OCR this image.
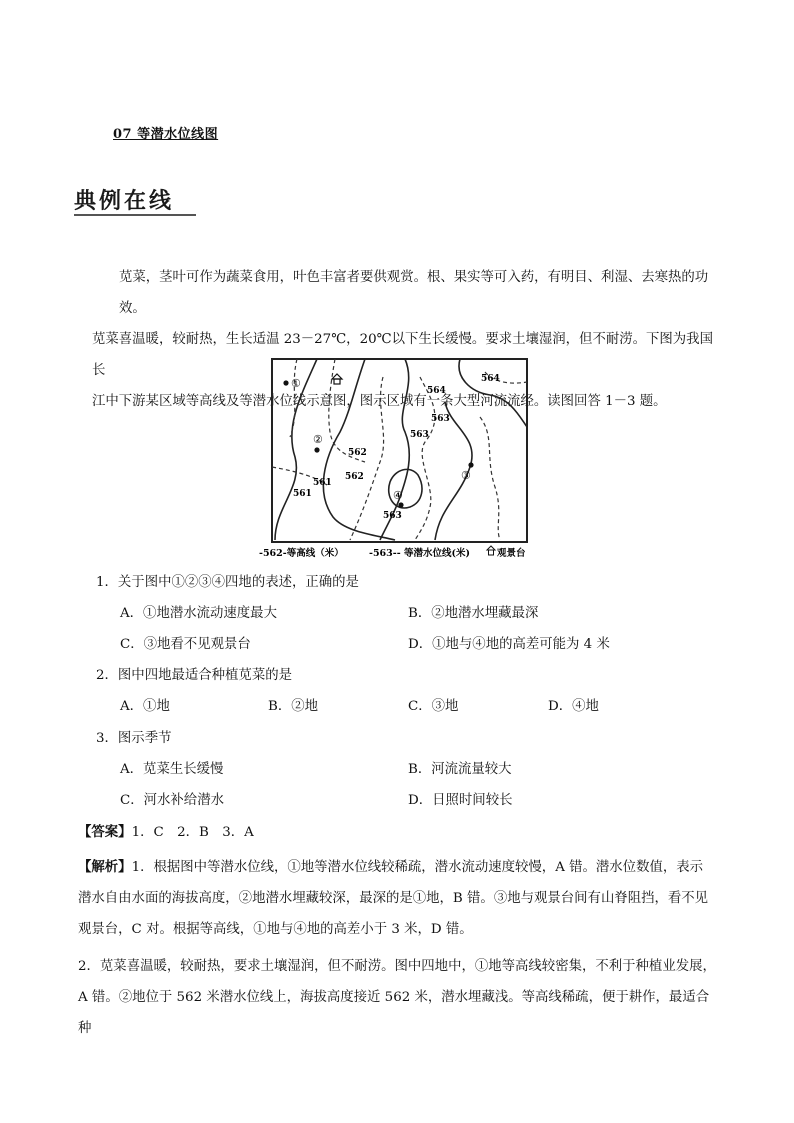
07 等潜水位线图
典例在线
苋菜，茎叶可作为蔬菜食用，叶色丰富者要供观赏。根、果实等可入药，有明目、利湿、去寒热的功效。
苋菜喜温暖，较耐热，生长适温 23－27℃，20℃以下生长缓慢。要求土壤湿润，但不耐涝。下图为我国长
江中下游某区域等高线及等潜水位线示意图，图示区域有一条大型河流流经。读图回答 1－3 题。
①
②
③
④
564
564
563
563
562
562
561
561
563
-562-等高线（米）	-563-- 等潜水位线(米)	观景台
1．关于图中①②③④四地的表述，正确的是
A．①地潜水流动速度最大	B．②地潜水埋藏最深
C．③地看不见观景台	D．①地与④地的高差可能为 4 米
2．图中四地最适合种植苋菜的是
A．①地	B．②地	C．③地	D．④地
3．图示季节
A．苋菜生长缓慢	B．河流流量较大
C．河水补给潜水	D．日照时间较长
【答案】1．C　2．B　3．A
【解析】1．根据图中等潜水位线，①地等潜水位线较稀疏，潜水流动速度较慢，A 错。潜水位数值，表示
潜水自由水面的海拔高度，②地潜水埋藏较深，最深的是①地，B 错。③地与观景台间有山脊阻挡，看不见
观景台，C 对。根据等高线，①地与④地的高差小于 3 米，D 错。
2．苋菜喜温暖，较耐热，要求土壤湿润，但不耐涝。图中四地中，①地等高线较密集，不利于种植业发展，
A 错。②地位于 562 米潜水位线上，海拔高度接近 562 米，潜水埋藏浅。等高线稀疏，便于耕作，最适合种
